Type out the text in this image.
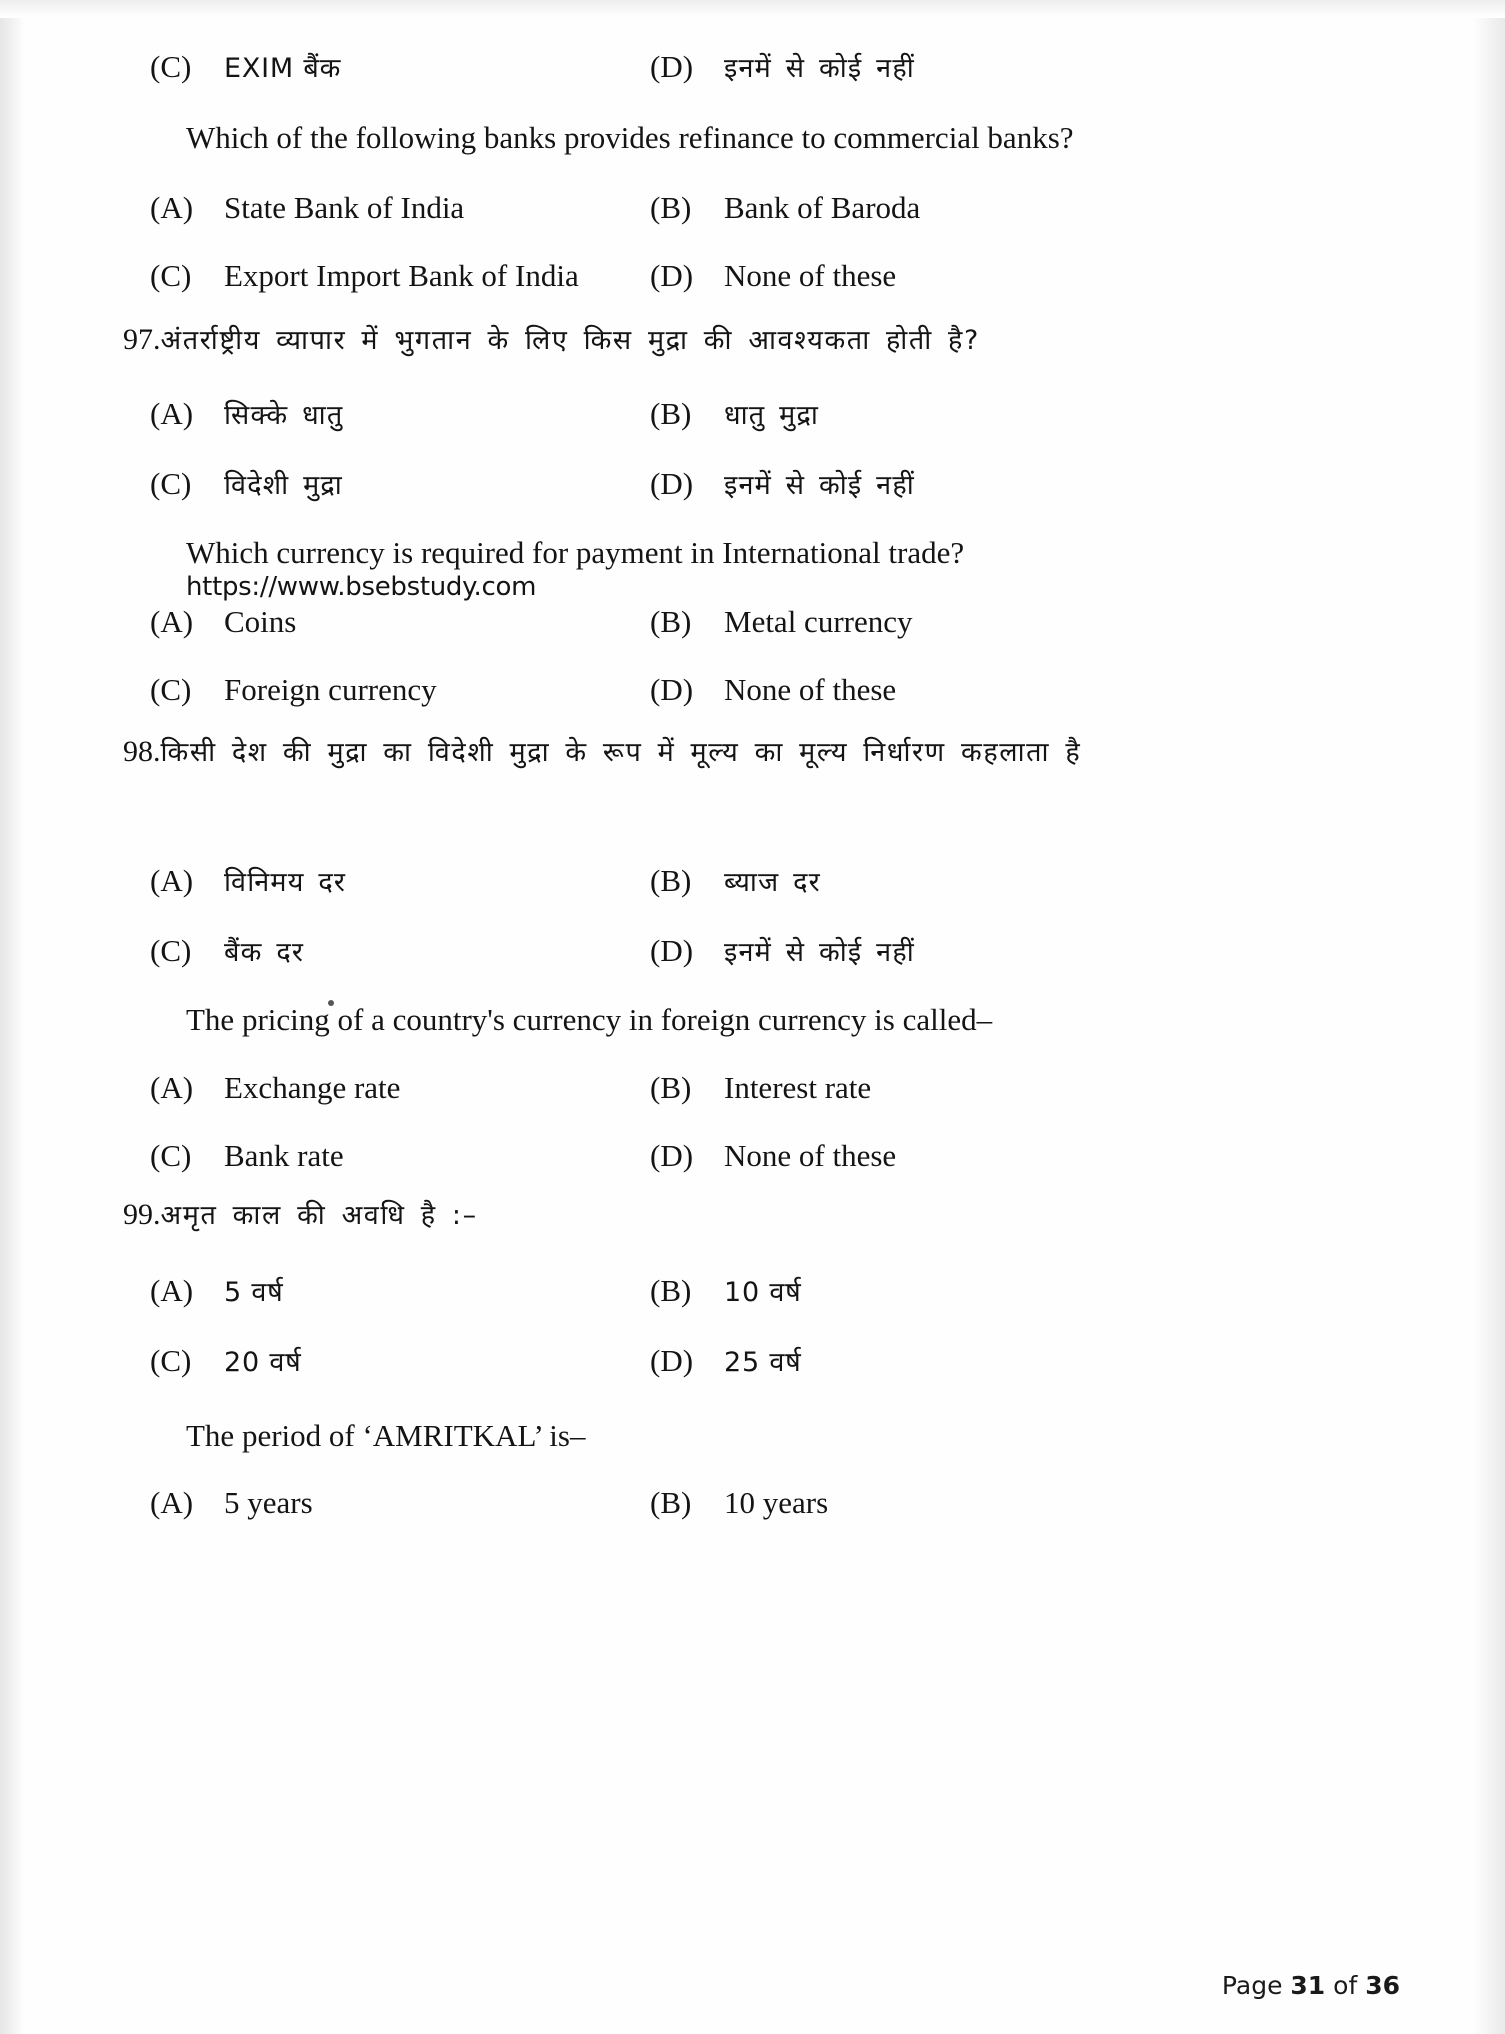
(C)	EXIM बैंक	(D)	इनमें से कोई नहीं
Which of the following banks provides refinance to commercial banks?
(A) State Bank of India	(B)	Bank of Baroda
(C)	Export Import Bank of India (D) None of these
97. अंतर्राष्ट्रीय व्यापार में भुगतान के लिए किस मुद्रा की आवश्यकता होती है?
(A)	सिक्के धातु	(B)	धातु मुद्रा
(C)	विदेशी मुद्रा	(D)	इनमें से कोई नहीं
Which currency is required for payment in International trade?
https://www.bsebstudy.com
(A) Coins	(B)	Metal currency
(C)	Foreign currency	(D) None of these
98. किसी देश की मुद्रा का विदेशी मुद्रा के रूप में मूल्य का मूल्य निर्धारण कहलाता है
(A)	विनिमय दर	(B)	ब्याज दर
(C)	बैंक दर	(D)	इनमें से कोई नहीं
The pricing of a country's currency in foreign currency is called–
(A) Exchange rate	(B)	Interest rate
(C)	Bank rate	(D) None of these
99. अमृत काल की अवधि है :–
(A)	5 वर्ष	(B)	10 वर्ष
(C)	20 वर्ष	(D)	25 वर्ष
The period of ‘AMRITKAL’ is–
(A) 5 years	(B)	10 years
Page 31 of 36
